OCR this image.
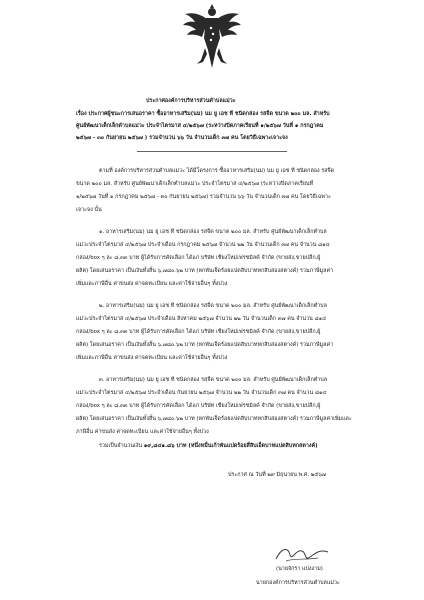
ประกาศองค์การบริหารส่วนตำบลแม่วะ
เรื่อง ประกาศผู้ชนะการเสนอราคา ซื้ออาหารเสริม(นม) นม ยู เอช ที ชนิดกล่อง รสจืด ขนาด ๒๐๐ มล. สำหรับ
ศูนย์พัฒนาเด็กเล็กตำบลแม่วะ ประจำไตรมาส ๔/๒๕๖๗ (ระหว่างปิดภาคเรียนที่ ๑/๒๕๖๗ วันที่ ๑ กรกฎาคม
๒๕๖๗ - ๓๐ กันยายน ๒๕๖๗ ) รวมจำนวน ๖๖ วัน จำนวนเด็ก ๓๗ คน โดยวิธีเฉพาะเจาะจง
ตามที่ องค์การบริหารส่วนตำบลแม่วะ ได้มีโครงการ ซื้ออาหารเสริม(นม) นม ยู เอช ที ชนิดกล่อง รสจืด
ขนาด ๒๐๐ มล. สำหรับ ศูนย์พัฒนาเด็กเล็กตำบลแม่วะ ประจำไตรมาส ๔/๒๕๖๗ (ระหว่างปิดภาคเรียนที่
๑/๒๕๖๗ วันที่ ๑ กรกฎาคม ๒๕๖๗ - ๓๐ กันยายน ๒๕๖๗) รวมจำนวน ๖๖ วัน จำนวนเด็ก ๓๗ คน โดยวิธีเฉพาะ
เจาะจง นั้น
๑. อาหารเสริม(นม) นม ยู เอช ที ชนิดกล่อง รสจืด ขนาด ๒๐๐ มล. สำหรับ ศูนย์พัฒนาเด็กเล็กตำบล
แม่วะประจำไตรมาส ๔/๒๕๖๗ ประจำเดือน กรกฎาคม ๒๕๖๗ จำนวน ๒๒ วัน จำนวนเด็ก ๓๗ คน จำนวน ๘๑๔
กล่อง/box ๆ ละ ๘.๓๓ บาท ผู้ได้รับการคัดเลือก ได้แก่ บริษัท เชียงใหม่เฟรชมิลค์ จำกัด (ขายส่ง,ขายปลีก,ผู้
ผลิต) โดยเสนอราคา เป็นเงินทั้งสิ้น ๖,๗๘๐.๖๒ บาท (หกพันเจ็ดร้อยแปดสิบบาทหกสิบสองสตางค์) รวมภาษีมูลค่า
เพิ่มและภาษีอื่น ค่าขนส่ง ค่าจดทะเบียน และค่าใช้จ่ายอื่นๆ ทั้งปวง
๒. อาหารเสริม(นม) นม ยู เอช ที ชนิดกล่อง รสจืด ขนาด ๒๐๐ มล. สำหรับ ศูนย์พัฒนาเด็กเล็กตำบล
แม่วะประจำไตรมาส ๔/๒๕๖๗ ประจำเดือน สิงหาคม ๒๕๖๗ จำนวน ๒๒ วัน จำนวนเด็ก ๓๗ คน จำนวน ๘๑๔
กล่อง/box ๆ ละ ๘.๓๓ บาท ผู้ได้รับการคัดเลือก ได้แก่ บริษัท เชียงใหม่เฟรชมิลค์ จำกัด (ขายส่ง,ขายปลีก,ผู้
ผลิต) โดยเสนอราคา เป็นเงินทั้งสิ้น ๖,๗๘๐.๖๒ บาท (หกพันเจ็ดร้อยแปดสิบบาทหกสิบสองสตางค์) รวมภาษีมูลค่า
เพิ่มและภาษีอื่น ค่าขนส่ง ค่าจดทะเบียน และค่าใช้จ่ายอื่นๆ ทั้งปวง
๓. อาหารเสริม(นม) นม ยู เอช ที ชนิดกล่อง รสจืด ขนาด ๒๐๐ มล. สำหรับ ศูนย์พัฒนาเด็กเล็กตำบล
แม่วะประจำไตรมาส ๔/๒๕๖๗ ประจำเดือน กันยายน ๒๕๖๗ จำนวน ๒๒ วัน จำนวนเด็ก ๓๗ คน จำนวน ๘๑๔
กล่อง/box ๆ ละ ๘.๓๓ บาท ผู้ได้รับการคัดเลือก ได้แก่ บริษัท เชียงใหม่เฟรชมิลค์ จำกัด (ขายส่ง,ขายปลีก,ผู้
ผลิต) โดยเสนอราคา เป็นเงินทั้งสิ้น ๖,๗๘๐.๖๒ บาท (หกพันเจ็ดร้อยแปดสิบบาทหกสิบสองสตางค์) รวมภาษีมูลค่าเพิ่มและ
ภาษีอื่น ค่าขนส่ง ค่าจดทะเบียน และค่าใช้จ่ายอื่นๆ ทั้งปวง
รวมเป็นจำนวนเงิน ๑๙,๘๔๑.๘๖ บาท (หนึ่งหมื่นเก้าพันแปดร้อยสี่สิบเอ็ดบาทแปดสิบหกสตางค์)
ประกาศ ณ วันที่ ๒๙ มิถุนายน พ.ศ. ๒๕๖๗
(นายจักรา แปงงาม)
นายกองค์การบริหารส่วนตำบลแม่วะ
